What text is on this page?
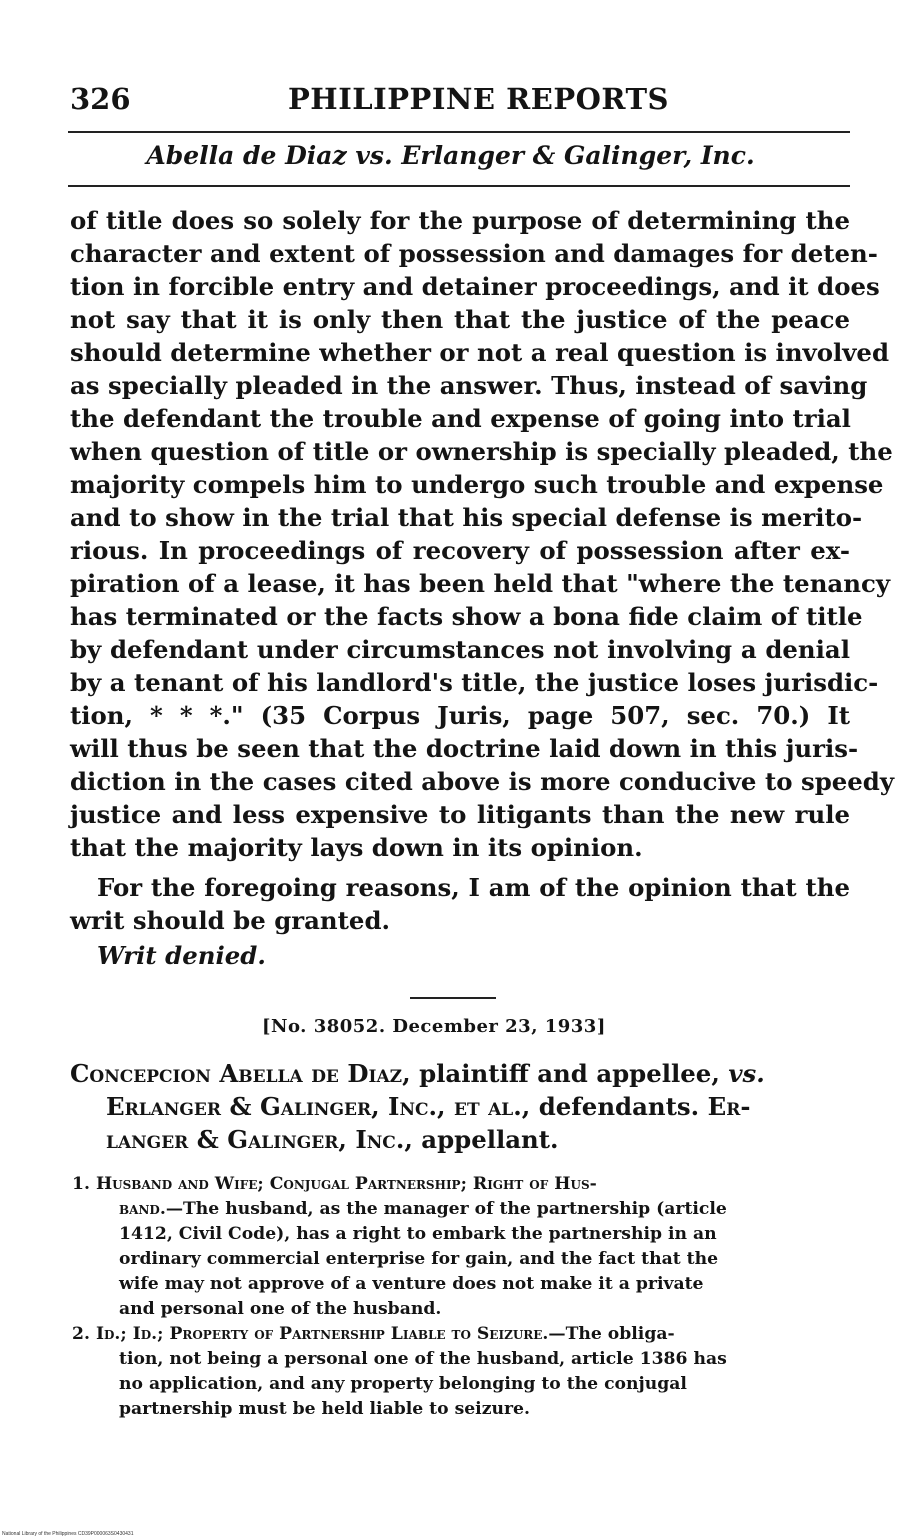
326	PHILIPPINE REPORTS
Abella de Diaz vs. Erlanger & Galinger, Inc.
of title does so solely for the purpose of determining the
character and extent of possession and damages for deten-
tion in forcible entry and detainer proceedings, and it does
not say that it is only then that the justice of the peace
should determine whether or not a real question is involved
as specially pleaded in the answer. Thus, instead of saving
the defendant the trouble and expense of going into trial
when question of title or ownership is specially pleaded, the
majority compels him to undergo such trouble and expense
and to show in the trial that his special defense is merito-
rious. In proceedings of recovery of possession after ex-
piration of a lease, it has been held that "where the tenancy
has terminated or the facts show a bona fide claim of title
by defendant under circumstances not involving a denial
by a tenant of his landlord's title, the justice loses jurisdic-
tion, * * *." (35 Corpus Juris, page 507, sec. 70.) It
will thus be seen that the doctrine laid down in this juris-
diction in the cases cited above is more conducive to speedy
justice and less expensive to litigants than the new rule
that the majority lays down in its opinion.
For the foregoing reasons, I am of the opinion that the
writ should be granted.
Writ denied.
[No. 38052. December 23, 1933]
Concepcion Abella de Diaz, plaintiff and appellee, vs.
Erlanger & Galinger, Inc., et al., defendants. Er-
langer & Galinger, Inc., appellant.
1. Husband and Wife; Conjugal Partnership; Right of Hus-
band.—The husband, as the manager of the partnership (article
1412, Civil Code), has a right to embark the partnership in an
ordinary commercial enterprise for gain, and the fact that the
wife may not approve of a venture does not make it a private
and personal one of the husband.
2. Id.; Id.; Property of Partnership Liable to Seizure.—The obliga-
tion, not being a personal one of the husband, article 1386 has
no application, and any property belonging to the conjugal
partnership must be held liable to seizure.
National Library of the Philippines CD39P000063S0430431
